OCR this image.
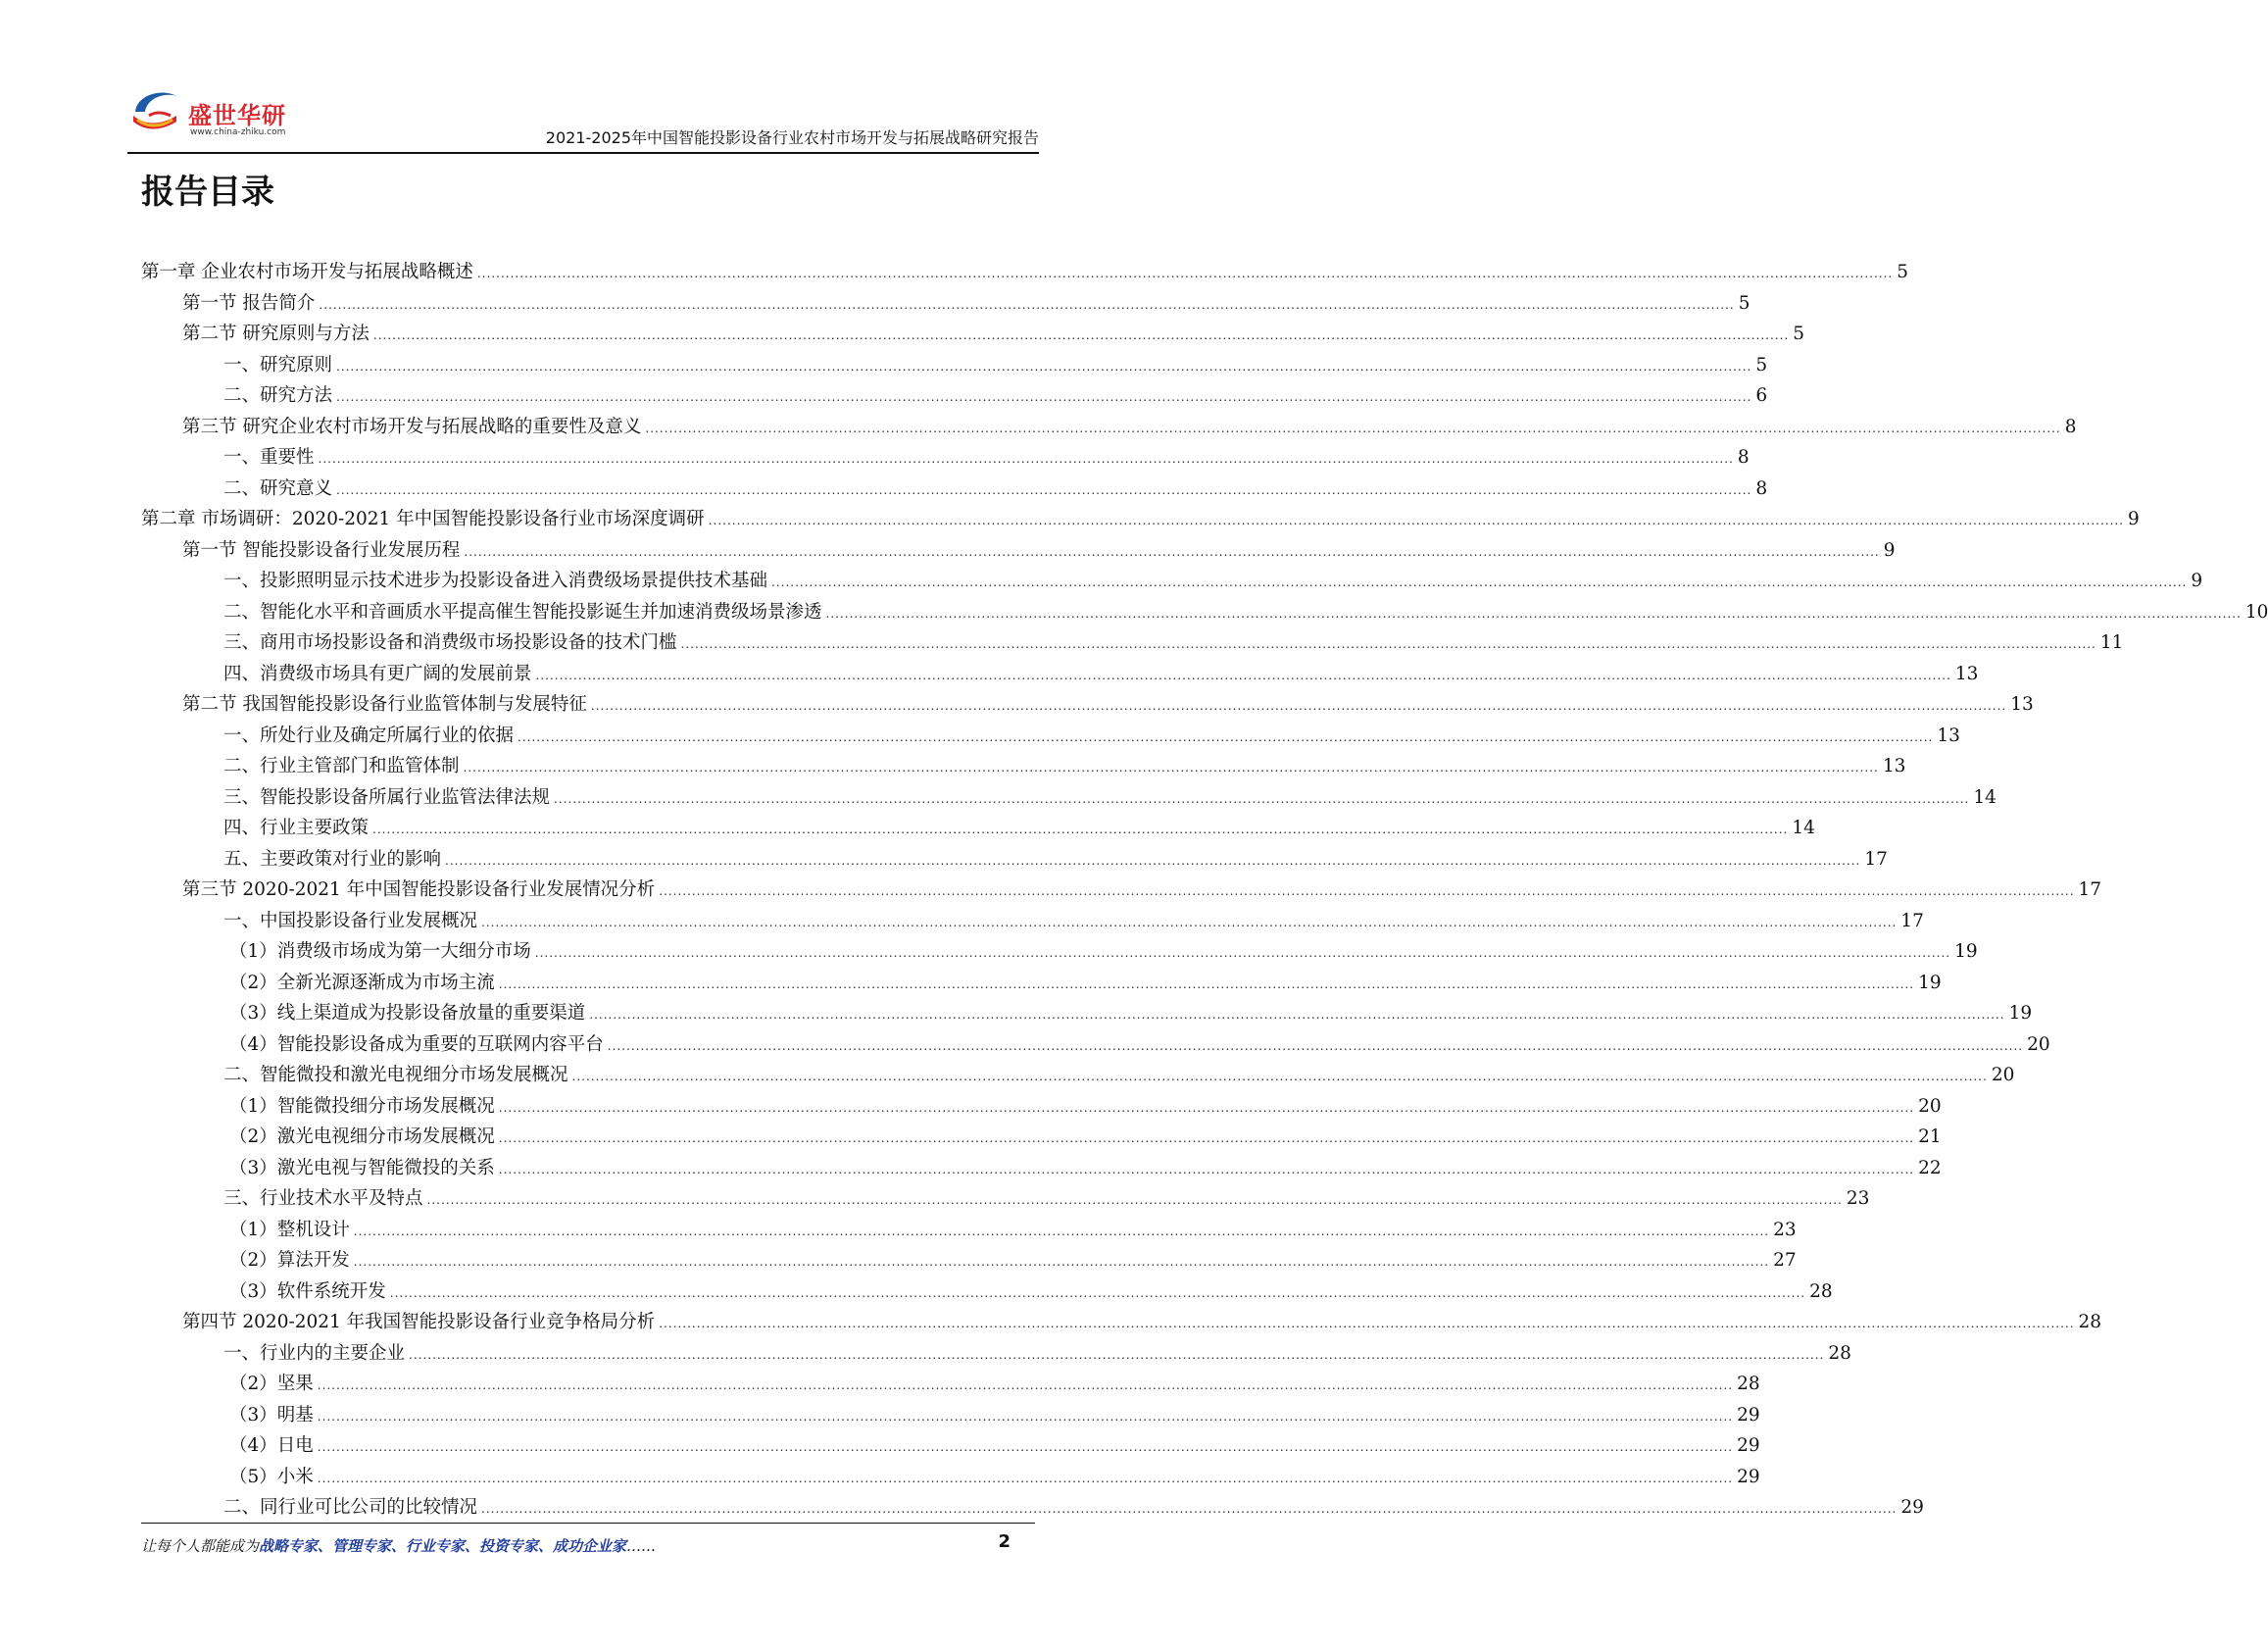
盛世华研
www.china-zhiku.com	2021-2025年中国智能投影设备行业农村市场开发与拓展战略研究报告
报告目录
第一章 企业农村市场开发与拓展战略概述 ............................................................................................................................................................................................................................................................................................................ 5
第一节 报告简介 ............................................................................................................................................................................................................................................................................................................ 5
第二节 研究原则与方法 ............................................................................................................................................................................................................................................................................................................ 5
一、研究原则 ............................................................................................................................................................................................................................................................................................................ 5
二、研究方法 ............................................................................................................................................................................................................................................................................................................ 6
第三节 研究企业农村市场开发与拓展战略的重要性及意义 ............................................................................................................................................................................................................................................................................................................ 8
一、重要性 ............................................................................................................................................................................................................................................................................................................ 8
二、研究意义 ............................................................................................................................................................................................................................................................................................................ 8
第二章 市场调研：2020-2021 年中国智能投影设备行业市场深度调研 ............................................................................................................................................................................................................................................................................................................ 9
第一节 智能投影设备行业发展历程 ............................................................................................................................................................................................................................................................................................................ 9
一、投影照明显示技术进步为投影设备进入消费级场景提供技术基础 ............................................................................................................................................................................................................................................................................................................ 9
二、智能化水平和音画质水平提高催生智能投影诞生并加速消费级场景渗透 ............................................................................................................................................................................................................................................................................................................ 10
三、商用市场投影设备和消费级市场投影设备的技术门槛 ............................................................................................................................................................................................................................................................................................................ 11
四、消费级市场具有更广阔的发展前景 ............................................................................................................................................................................................................................................................................................................ 13
第二节 我国智能投影设备行业监管体制与发展特征 ............................................................................................................................................................................................................................................................................................................ 13
一、所处行业及确定所属行业的依据 ............................................................................................................................................................................................................................................................................................................ 13
二、行业主管部门和监管体制 ............................................................................................................................................................................................................................................................................................................ 13
三、智能投影设备所属行业监管法律法规 ............................................................................................................................................................................................................................................................................................................ 14
四、行业主要政策 ............................................................................................................................................................................................................................................................................................................ 14
五、主要政策对行业的影响 ............................................................................................................................................................................................................................................................................................................ 17
第三节 2020-2021 年中国智能投影设备行业发展情况分析 ............................................................................................................................................................................................................................................................................................................ 17
一、中国投影设备行业发展概况 ............................................................................................................................................................................................................................................................................................................ 17
（1）消费级市场成为第一大细分市场 ............................................................................................................................................................................................................................................................................................................ 19
（2）全新光源逐渐成为市场主流 ............................................................................................................................................................................................................................................................................................................ 19
（3）线上渠道成为投影设备放量的重要渠道 ............................................................................................................................................................................................................................................................................................................ 19
（4）智能投影设备成为重要的互联网内容平台 ............................................................................................................................................................................................................................................................................................................ 20
二、智能微投和激光电视细分市场发展概况 ............................................................................................................................................................................................................................................................................................................ 20
（1）智能微投细分市场发展概况 ............................................................................................................................................................................................................................................................................................................ 20
（2）激光电视细分市场发展概况 ............................................................................................................................................................................................................................................................................................................ 21
（3）激光电视与智能微投的关系 ............................................................................................................................................................................................................................................................................................................ 22
三、行业技术水平及特点 ............................................................................................................................................................................................................................................................................................................ 23
（1）整机设计 ............................................................................................................................................................................................................................................................................................................ 23
（2）算法开发 ............................................................................................................................................................................................................................................................................................................ 27
（3）软件系统开发 ............................................................................................................................................................................................................................................................................................................ 28
第四节 2020-2021 年我国智能投影设备行业竞争格局分析 ............................................................................................................................................................................................................................................................................................................ 28
一、行业内的主要企业 ............................................................................................................................................................................................................................................................................................................ 28
（2）坚果 ............................................................................................................................................................................................................................................................................................................ 28
（3）明基 ............................................................................................................................................................................................................................................................................................................ 29
（4）日电 ............................................................................................................................................................................................................................................................................................................ 29
（5）小米 ............................................................................................................................................................................................................................................................................................................ 29
二、同行业可比公司的比较情况 ............................................................................................................................................................................................................................................................................................................ 29
让每个人都能成为战略专家、管理专家、行业专家、投资专家、成功企业家……	2
